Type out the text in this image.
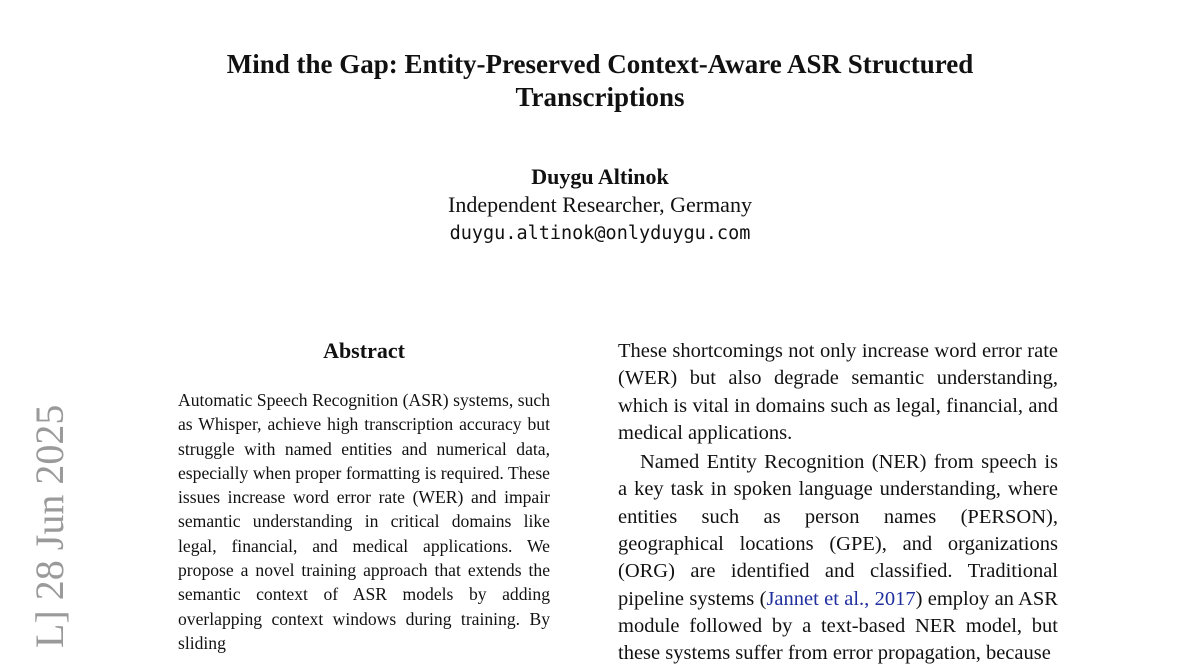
Mind the Gap: Entity-Preserved Context-Aware ASR Structured
Transcriptions
Duygu Altinok
Independent Researcher, Germany
duygu.altinok@onlyduygu.com
L] 28 Jun 2025
Abstract
Automatic Speech Recognition (ASR) systems, such as Whisper, achieve high transcription accuracy but struggle with named entities and numerical data, especially when proper formatting is required. These issues increase word error rate (WER) and impair semantic understanding in critical domains like legal, financial, and medical applications. We propose a novel training approach that extends the semantic context of ASR models by adding overlapping context windows during training. By sliding

These shortcomings not only increase word error rate (WER) but also degrade semantic understanding, which is vital in domains such as legal, financial, and medical applications.

Named Entity Recognition (NER) from speech is a key task in spoken language understanding, where entities such as person names (PERSON), geographical locations (GPE), and organizations (ORG) are identified and classified. Traditional pipeline systems (Jannet et al., 2017) employ an ASR module followed by a text-based NER model, but these systems suffer from error propagation, because
